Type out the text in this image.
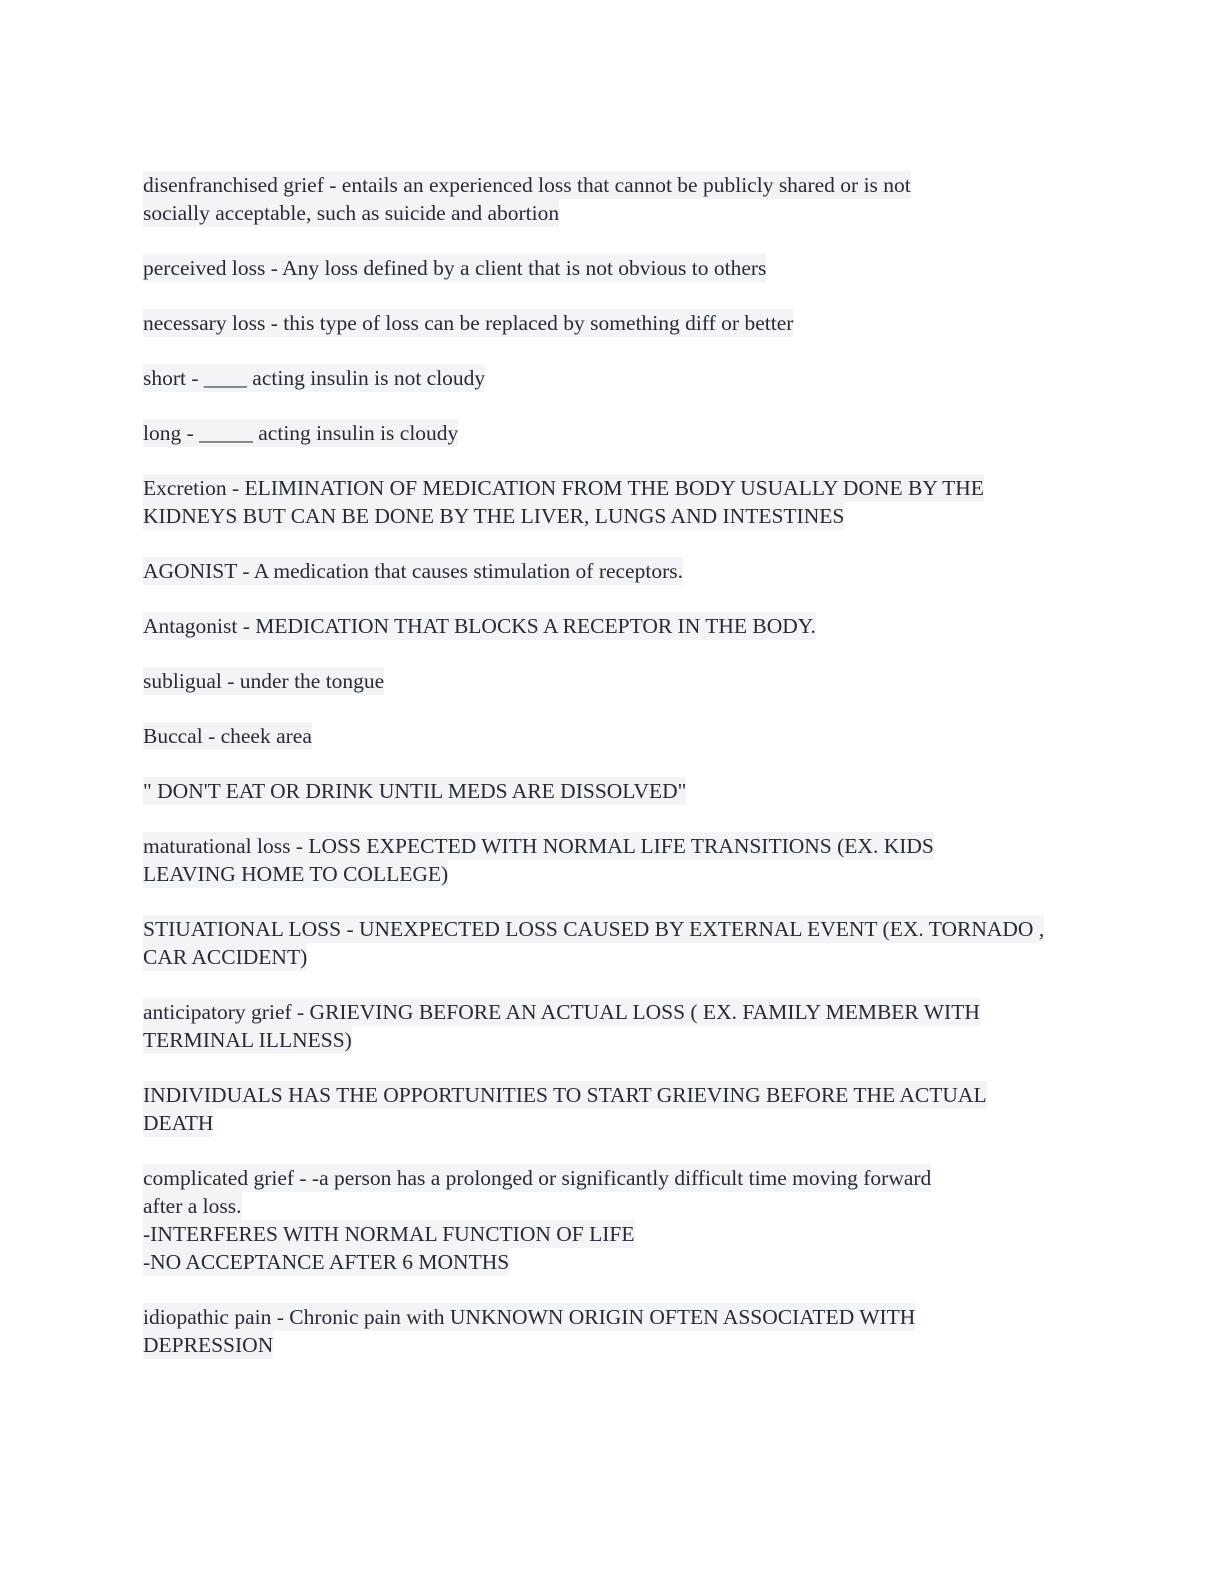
disenfranchised grief - entails an experienced loss that cannot be publicly shared or is not
socially acceptable, such as suicide and abortion
perceived loss - Any loss defined by a client that is not obvious to others
necessary loss - this type of loss can be replaced by something diff or better
short - ____ acting insulin is not cloudy
long - _____ acting insulin is cloudy
Excretion - ELIMINATION OF MEDICATION FROM THE BODY USUALLY DONE BY THE
KIDNEYS BUT CAN BE DONE BY THE LIVER, LUNGS AND INTESTINES
AGONIST - A medication that causes stimulation of receptors.
Antagonist - MEDICATION THAT BLOCKS A RECEPTOR IN THE BODY.
subligual - under the tongue
Buccal - cheek area
" DON'T EAT OR DRINK UNTIL MEDS ARE DISSOLVED"
maturational loss - LOSS EXPECTED WITH NORMAL LIFE TRANSITIONS (EX. KIDS
LEAVING HOME TO COLLEGE)
STIUATIONAL LOSS - UNEXPECTED LOSS CAUSED BY EXTERNAL EVENT (EX. TORNADO ,
CAR ACCIDENT)
anticipatory grief - GRIEVING BEFORE AN ACTUAL LOSS ( EX. FAMILY MEMBER WITH
TERMINAL ILLNESS)
INDIVIDUALS HAS THE OPPORTUNITIES TO START GRIEVING BEFORE THE ACTUAL
DEATH
complicated grief - -a person has a prolonged or significantly difficult time moving forward
after a loss.
-INTERFERES WITH NORMAL FUNCTION OF LIFE
-NO ACCEPTANCE AFTER 6 MONTHS
idiopathic pain - Chronic pain with UNKNOWN ORIGIN OFTEN ASSOCIATED WITH
DEPRESSION
